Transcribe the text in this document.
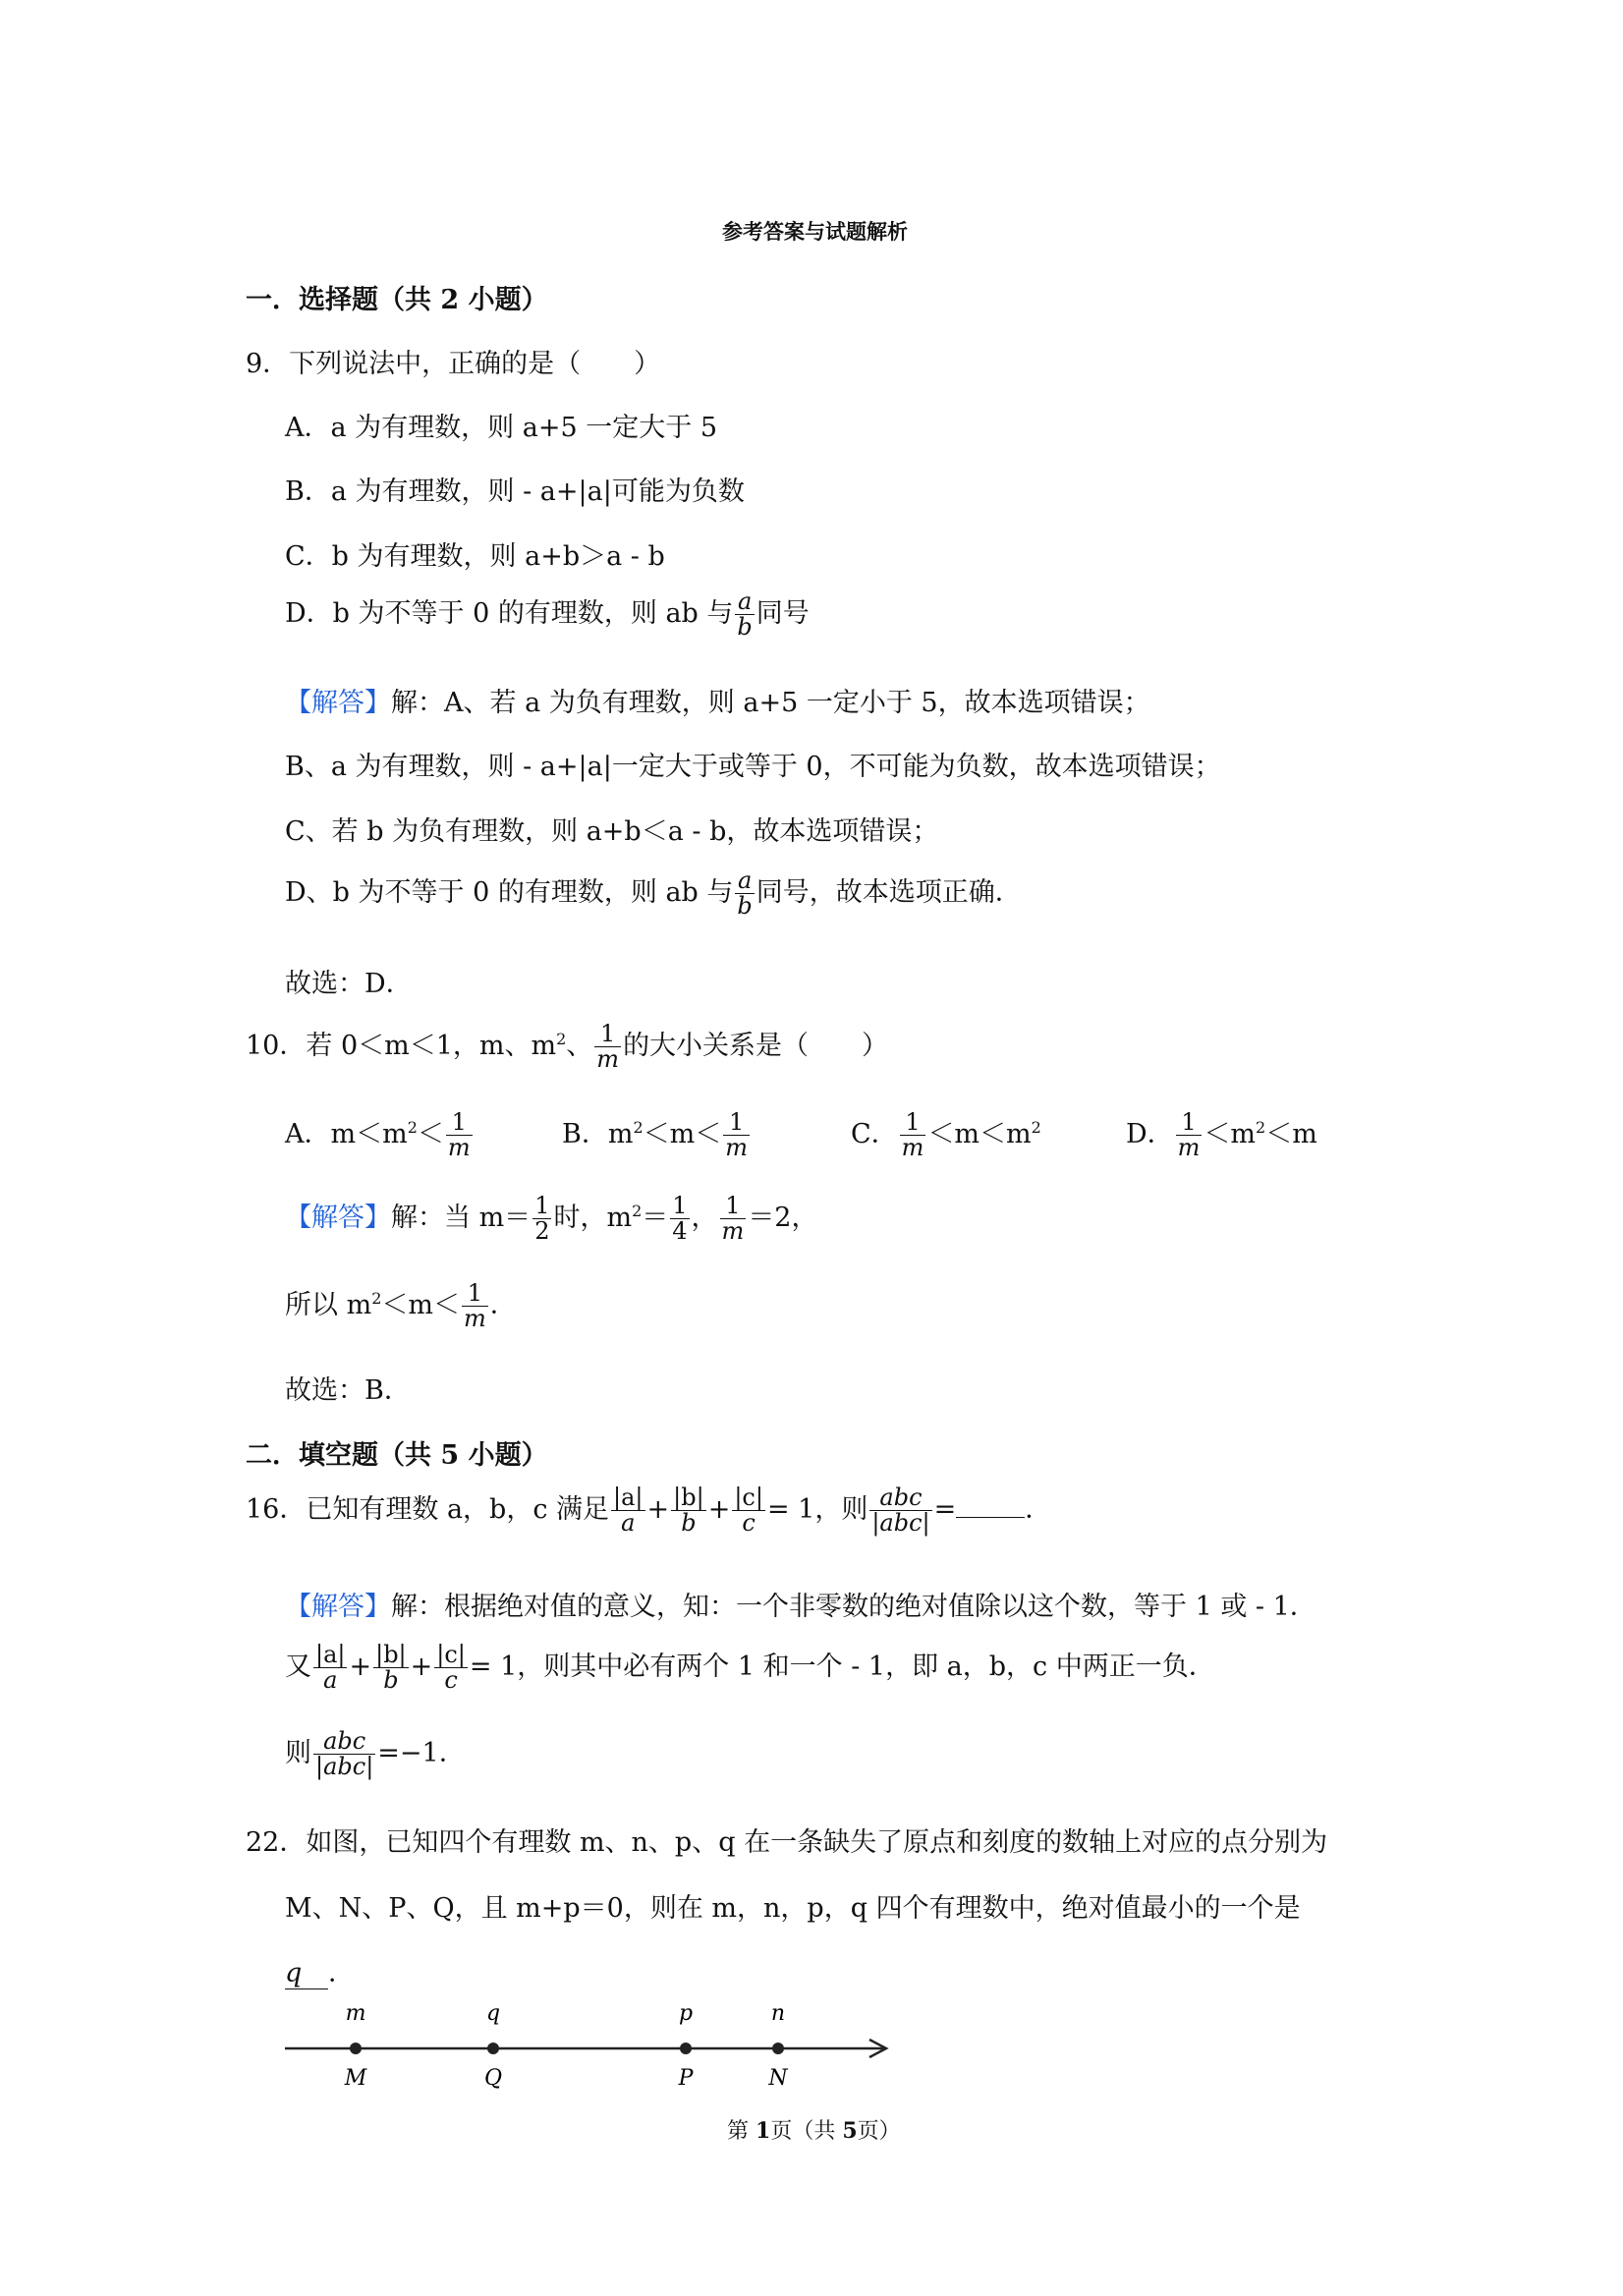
参考答案与试题解析
一．选择题（共 2 小题）
9．下列说法中，正确的是（　　）
A．a 为有理数，则 a+5 一定大于 5
B．a 为有理数，则 - a+|a|可能为负数
C．b 为有理数，则 a+b＞a - b
D．b 为不等于 0 的有理数，则 ab 与 $\frac{a}{b}$ 同号
【解答】解：A、若 a 为负有理数，则 a+5 一定小于 5，故本选项错误；
B、a 为有理数，则 - a+|a|一定大于或等于 0，不可能为负数，故本选项错误；
C、若 b 为负有理数，则 a+b＜a - b，故本选项错误；
D、b 为不等于 0 的有理数，则 ab 与 $\frac{a}{b}$ 同号，故本选项正确．
故选：D．
10．若 0＜m＜1，m、$m^2$、 $\frac{1}{m}$ 的大小关系是（　　）
A．$m<m^2< \frac{1}{m}$	B．$m^2<m< \frac{1}{m}$	C． $\frac{1}{m} <m<m^2$	D． $\frac{1}{m} <m^2<m$
【解答】解：当 $m= \frac{1}{2}$ 时，$m^2= \frac{1}{4}$ ， $\frac{1}{m} =2$，
所以 $m^2<m< \frac{1}{m}$ ．
故选：B．
二．填空题（共 5 小题）
16．已知有理数 a，b，c 满足 $\frac{|a|}{a} + \frac{|b|}{b} + \frac{|c|}{c} = 1$，则 $\frac{\text{abc}}{\text{|abc|}}$ =	．
【解答】解：根据绝对值的意义，知：一个非零数的绝对值除以这个数，等于 1 或 - 1．
又 $\frac{|a|}{a} + \frac{|b|}{b} + \frac{|c|}{c} = 1$，则其中必有两个 1 和一个 - 1，即 a，b，c 中两正一负．
则 $\frac{\text{abc}}{\text{|abc|}} =-1$．
22．如图，已知四个有理数 m、n、p、q 在一条缺失了原点和刻度的数轴上对应的点分别为
M、N、P、Q，且 m+p＝0，则在 m，n，p，q 四个有理数中，绝对值最小的一个是
q ．
m
M
q
Q
p
P
n
N
第 1页（共 5页）
